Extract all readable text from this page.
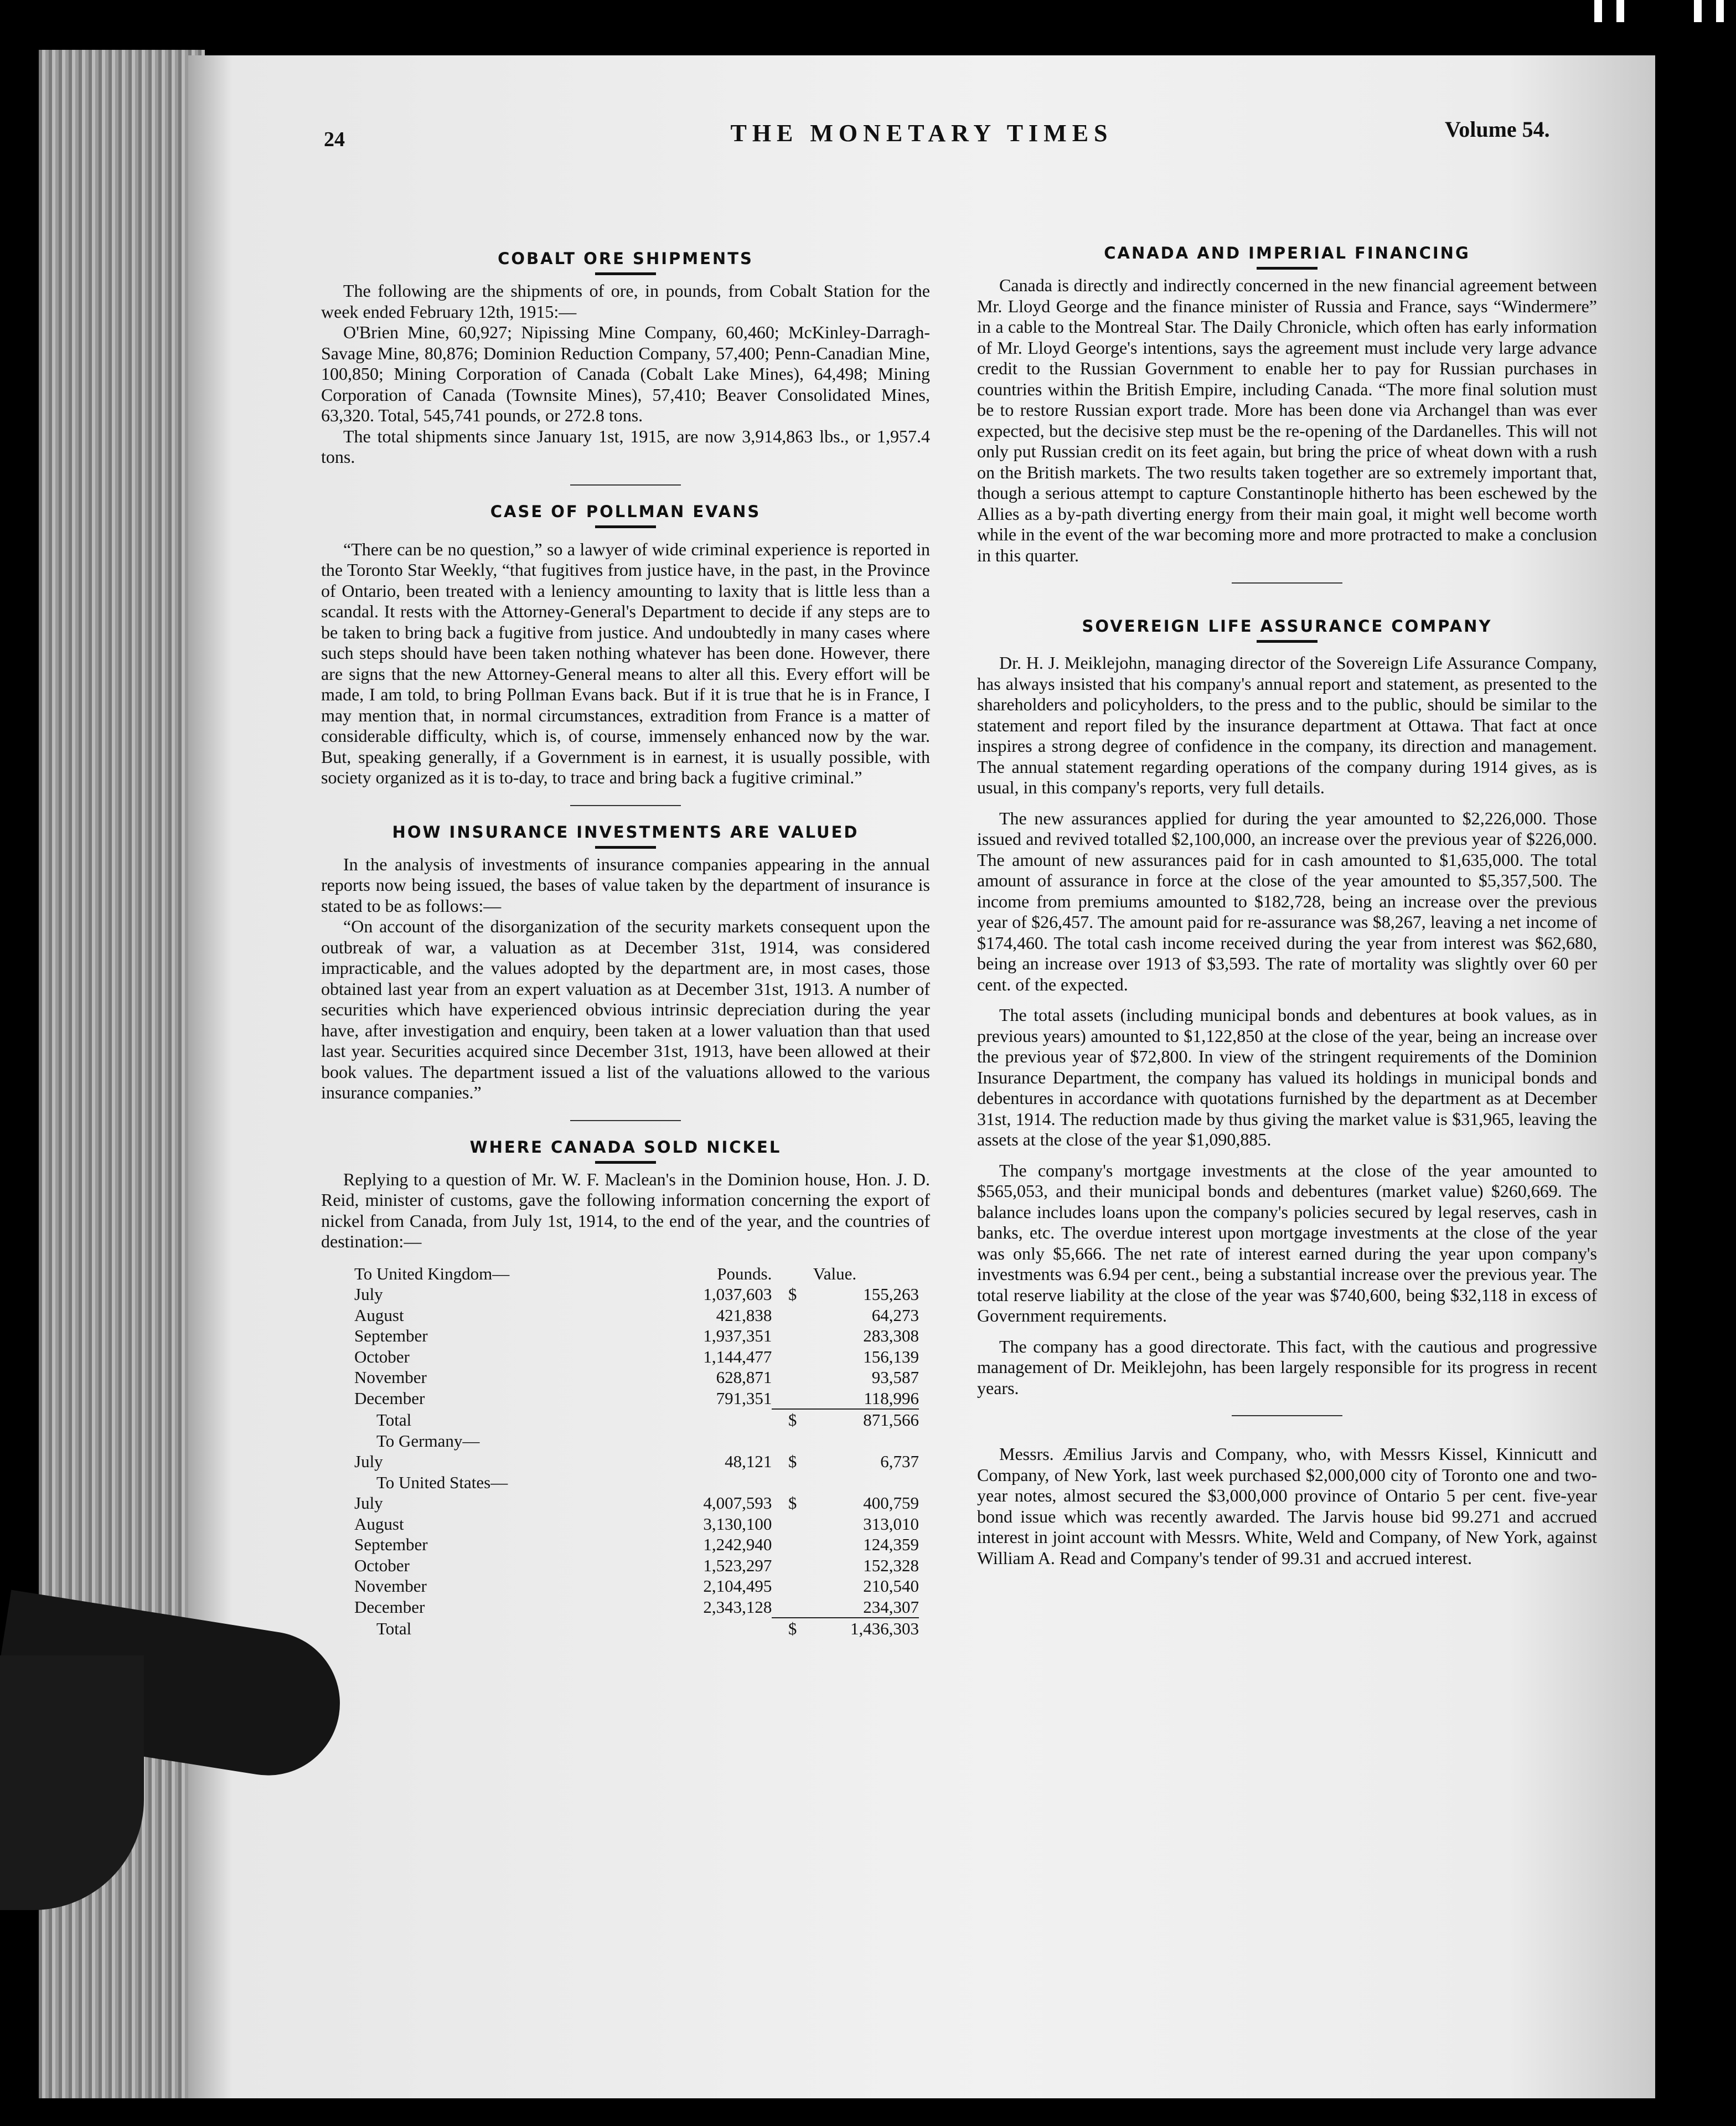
24	THE MONETARY TIMES	Volume 54.
COBALT ORE SHIPMENTS

The following are the shipments of ore, in pounds, from Cobalt Station for the week ended February 12th, 1915:—

O'Brien Mine, 60,927; Nipissing Mine Company, 60,460; McKinley-Darragh-Savage Mine, 80,876; Dominion Reduction Company, 57,400; Penn-Canadian Mine, 100,850; Mining Corporation of Canada (Cobalt Lake Mines), 64,498; Mining Corporation of Canada (Townsite Mines), 57,410; Beaver Consolidated Mines, 63,320. Total, 545,741 pounds, or 272.8 tons.

The total shipments since January 1st, 1915, are now 3,914,863 lbs., or 1,957.4 tons.

CASE OF POLLMAN EVANS

“There can be no question,” so a lawyer of wide criminal experience is reported in the Toronto Star Weekly, “that fugitives from justice have, in the past, in the Province of Ontario, been treated with a leniency amounting to laxity that is little less than a scandal. It rests with the Attorney-General's Department to decide if any steps are to be taken to bring back a fugitive from justice. And undoubtedly in many cases where such steps should have been taken nothing whatever has been done. However, there are signs that the new Attorney-General means to alter all this. Every effort will be made, I am told, to bring Pollman Evans back. But if it is true that he is in France, I may mention that, in normal circumstances, extradition from France is a matter of considerable difficulty, which is, of course, immensely enhanced now by the war. But, speaking generally, if a Government is in earnest, it is usually possible, with society organized as it is to-day, to trace and bring back a fugitive criminal.”

HOW INSURANCE INVESTMENTS ARE VALUED

In the analysis of investments of insurance companies appearing in the annual reports now being issued, the bases of value taken by the department of insurance is stated to be as follows:—

“On account of the disorganization of the security markets consequent upon the outbreak of war, a valuation as at December 31st, 1914, was considered impracticable, and the values adopted by the department are, in most cases, those obtained last year from an expert valuation as at December 31st, 1913. A number of securities which have experienced obvious intrinsic depreciation during the year have, after investigation and enquiry, been taken at a lower valuation than that used last year. Securities acquired since December 31st, 1913, have been allowed at their book values. The department issued a list of the valuations allowed to the various insurance companies.”

WHERE CANADA SOLD NICKEL

Replying to a question of Mr. W. F. Maclean's in the Dominion house, Hon. J. D. Reid, minister of customs, gave the following information concerning the export of nickel from Canada, from July 1st, 1914, to the end of the year, and the countries of destination:—

To United Kingdom—	Pounds.		Value.
July	1,037,603	$	155,263
August	421,838		64,273
September	1,937,351		283,308
October	1,144,477		156,139
November	628,871		93,587
December	791,351		118,996

Total		$	871,566
To Germany—			
July	48,121	$	6,737
To United States—			
July	4,007,593	$	400,759
August	3,130,100		313,010
September	1,242,940		124,359
October	1,523,297		152,328
November	2,104,495		210,540
December	2,343,128		234,307

Total		$	1,436,303
CANADA AND IMPERIAL FINANCING

Canada is directly and indirectly concerned in the new financial agreement between Mr. Lloyd George and the finance minister of Russia and France, says “Windermere” in a cable to the Montreal Star. The Daily Chronicle, which often has early information of Mr. Lloyd George's intentions, says the agreement must include very large advance credit to the Russian Government to enable her to pay for Russian purchases in countries within the British Empire, including Canada. “The more final solution must be to restore Russian export trade. More has been done via Archangel than was ever expected, but the decisive step must be the re-opening of the Dardanelles. This will not only put Russian credit on its feet again, but bring the price of wheat down with a rush on the British markets. The two results taken together are so extremely important that, though a serious attempt to capture Constantinople hitherto has been eschewed by the Allies as a by-path diverting energy from their main goal, it might well become worth while in the event of the war becoming more and more protracted to make a conclusion in this quarter.

SOVEREIGN LIFE ASSURANCE COMPANY

Dr. H. J. Meiklejohn, managing director of the Sovereign Life Assurance Company, has always insisted that his company's annual report and statement, as presented to the shareholders and policyholders, to the press and to the public, should be similar to the statement and report filed by the insurance department at Ottawa. That fact at once inspires a strong degree of confidence in the company, its direction and management. The annual statement regarding operations of the company during 1914 gives, as is usual, in this company's reports, very full details.

The new assurances applied for during the year amounted to $2,226,000. Those issued and revived totalled $2,100,000, an increase over the previous year of $226,000. The amount of new assurances paid for in cash amounted to $1,635,000. The total amount of assurance in force at the close of the year amounted to $5,357,500. The income from premiums amounted to $182,728, being an increase over the previous year of $26,457. The amount paid for re-assurance was $8,267, leaving a net income of $174,460. The total cash income received during the year from interest was $62,680, being an increase over 1913 of $3,593. The rate of mortality was slightly over 60 per cent. of the expected.

The total assets (including municipal bonds and debentures at book values, as in previous years) amounted to $1,122,850 at the close of the year, being an increase over the previous year of $72,800. In view of the stringent requirements of the Dominion Insurance Department, the company has valued its holdings in municipal bonds and debentures in accordance with quotations furnished by the department as at December 31st, 1914. The reduction made by thus giving the market value is $31,965, leaving the assets at the close of the year $1,090,885.

The company's mortgage investments at the close of the year amounted to $565,053, and their municipal bonds and debentures (market value) $260,669. The balance includes loans upon the company's policies secured by legal reserves, cash in banks, etc. The overdue interest upon mortgage investments at the close of the year was only $5,666. The net rate of interest earned during the year upon company's investments was 6.94 per cent., being a substantial increase over the previous year. The total reserve liability at the close of the year was $740,600, being $32,118 in excess of Government requirements.

The company has a good directorate. This fact, with the cautious and progressive management of Dr. Meiklejohn, has been largely responsible for its progress in recent years.

Messrs. Æmilius Jarvis and Company, who, with Messrs Kissel, Kinnicutt and Company, of New York, last week purchased $2,000,000 city of Toronto one and two-year notes, almost secured the $3,000,000 province of Ontario 5 per cent. five-year bond issue which was recently awarded. The Jarvis house bid 99.271 and accrued interest in joint account with Messrs. White, Weld and Company, of New York, against William A. Read and Company's tender of 99.31 and accrued interest.
